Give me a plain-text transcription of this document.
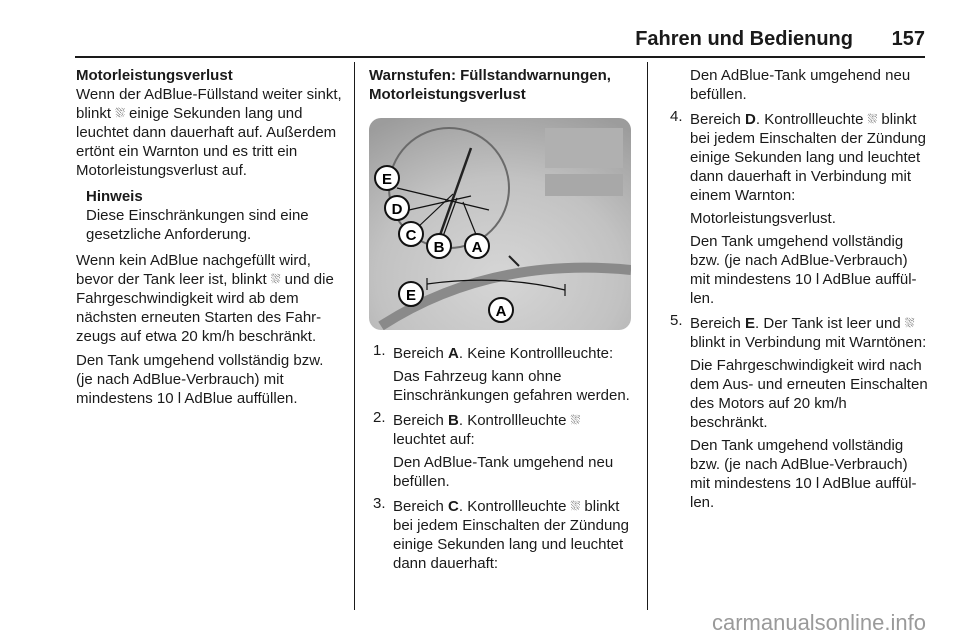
Fahren und Bedienung 157

Motorleistungsverlust

Wenn der AdBlue-Füllstand weiter sinkt, blinkt ⛆ einige Sekunden lang und leuchtet dann dauerhaft auf. Außerdem ertönt ein Warnton und es tritt ein Motorleistungsverlust auf.

Hinweis
Diese Einschränkungen sind eine gesetzliche Anforderung.

Wenn kein AdBlue nachgefüllt wird, bevor der Tank leer ist, blinkt ⛆ und die Fahrgeschwindigkeit wird ab dem nächsten erneuten Starten des Fahrzeugs auf etwa 20 km/h beschränkt.

Den Tank umgehend vollständig bzw. (je nach AdBlue-Verbrauch) mit mindestens 10 l AdBlue auffüllen.

Warnstufen: Füllstandwarnungen, Motorleistungsverlust

E
D
C
B A
E
A
1. Bereich A. Keine Kontrollleuchte:

Das Fahrzeug kann ohne Einschränkungen gefahren werden.

2. Bereich B. Kontrollleuchte ⛆ leuchtet auf:

Den AdBlue-Tank umgehend neu befüllen.

3. Bereich C. Kontrollleuchte ⛆ blinkt bei jedem Einschalten der Zündung einige Sekunden lang und leuchtet dann dauerhaft:

Den AdBlue-Tank umgehend neu befüllen.

4. Bereich D. Kontrollleuchte ⛆ blinkt bei jedem Einschalten der Zündung einige Sekunden lang und leuchtet dann dauerhaft in Verbindung mit einem Warnton:

Motorleistungsverlust.

Den Tank umgehend vollständig bzw. (je nach AdBlue-Verbrauch) mit mindestens 10 l AdBlue auffüllen.

5. Bereich E. Der Tank ist leer und ⛆ blinkt in Verbindung mit Warntönen:

Die Fahrgeschwindigkeit wird nach dem Aus- und erneuten Einschalten des Motors auf 20 km/h beschränkt.

Den Tank umgehend vollständig bzw. (je nach AdBlue-Verbrauch) mit mindestens 10 l AdBlue auffüllen.

carmanualsonline.info
